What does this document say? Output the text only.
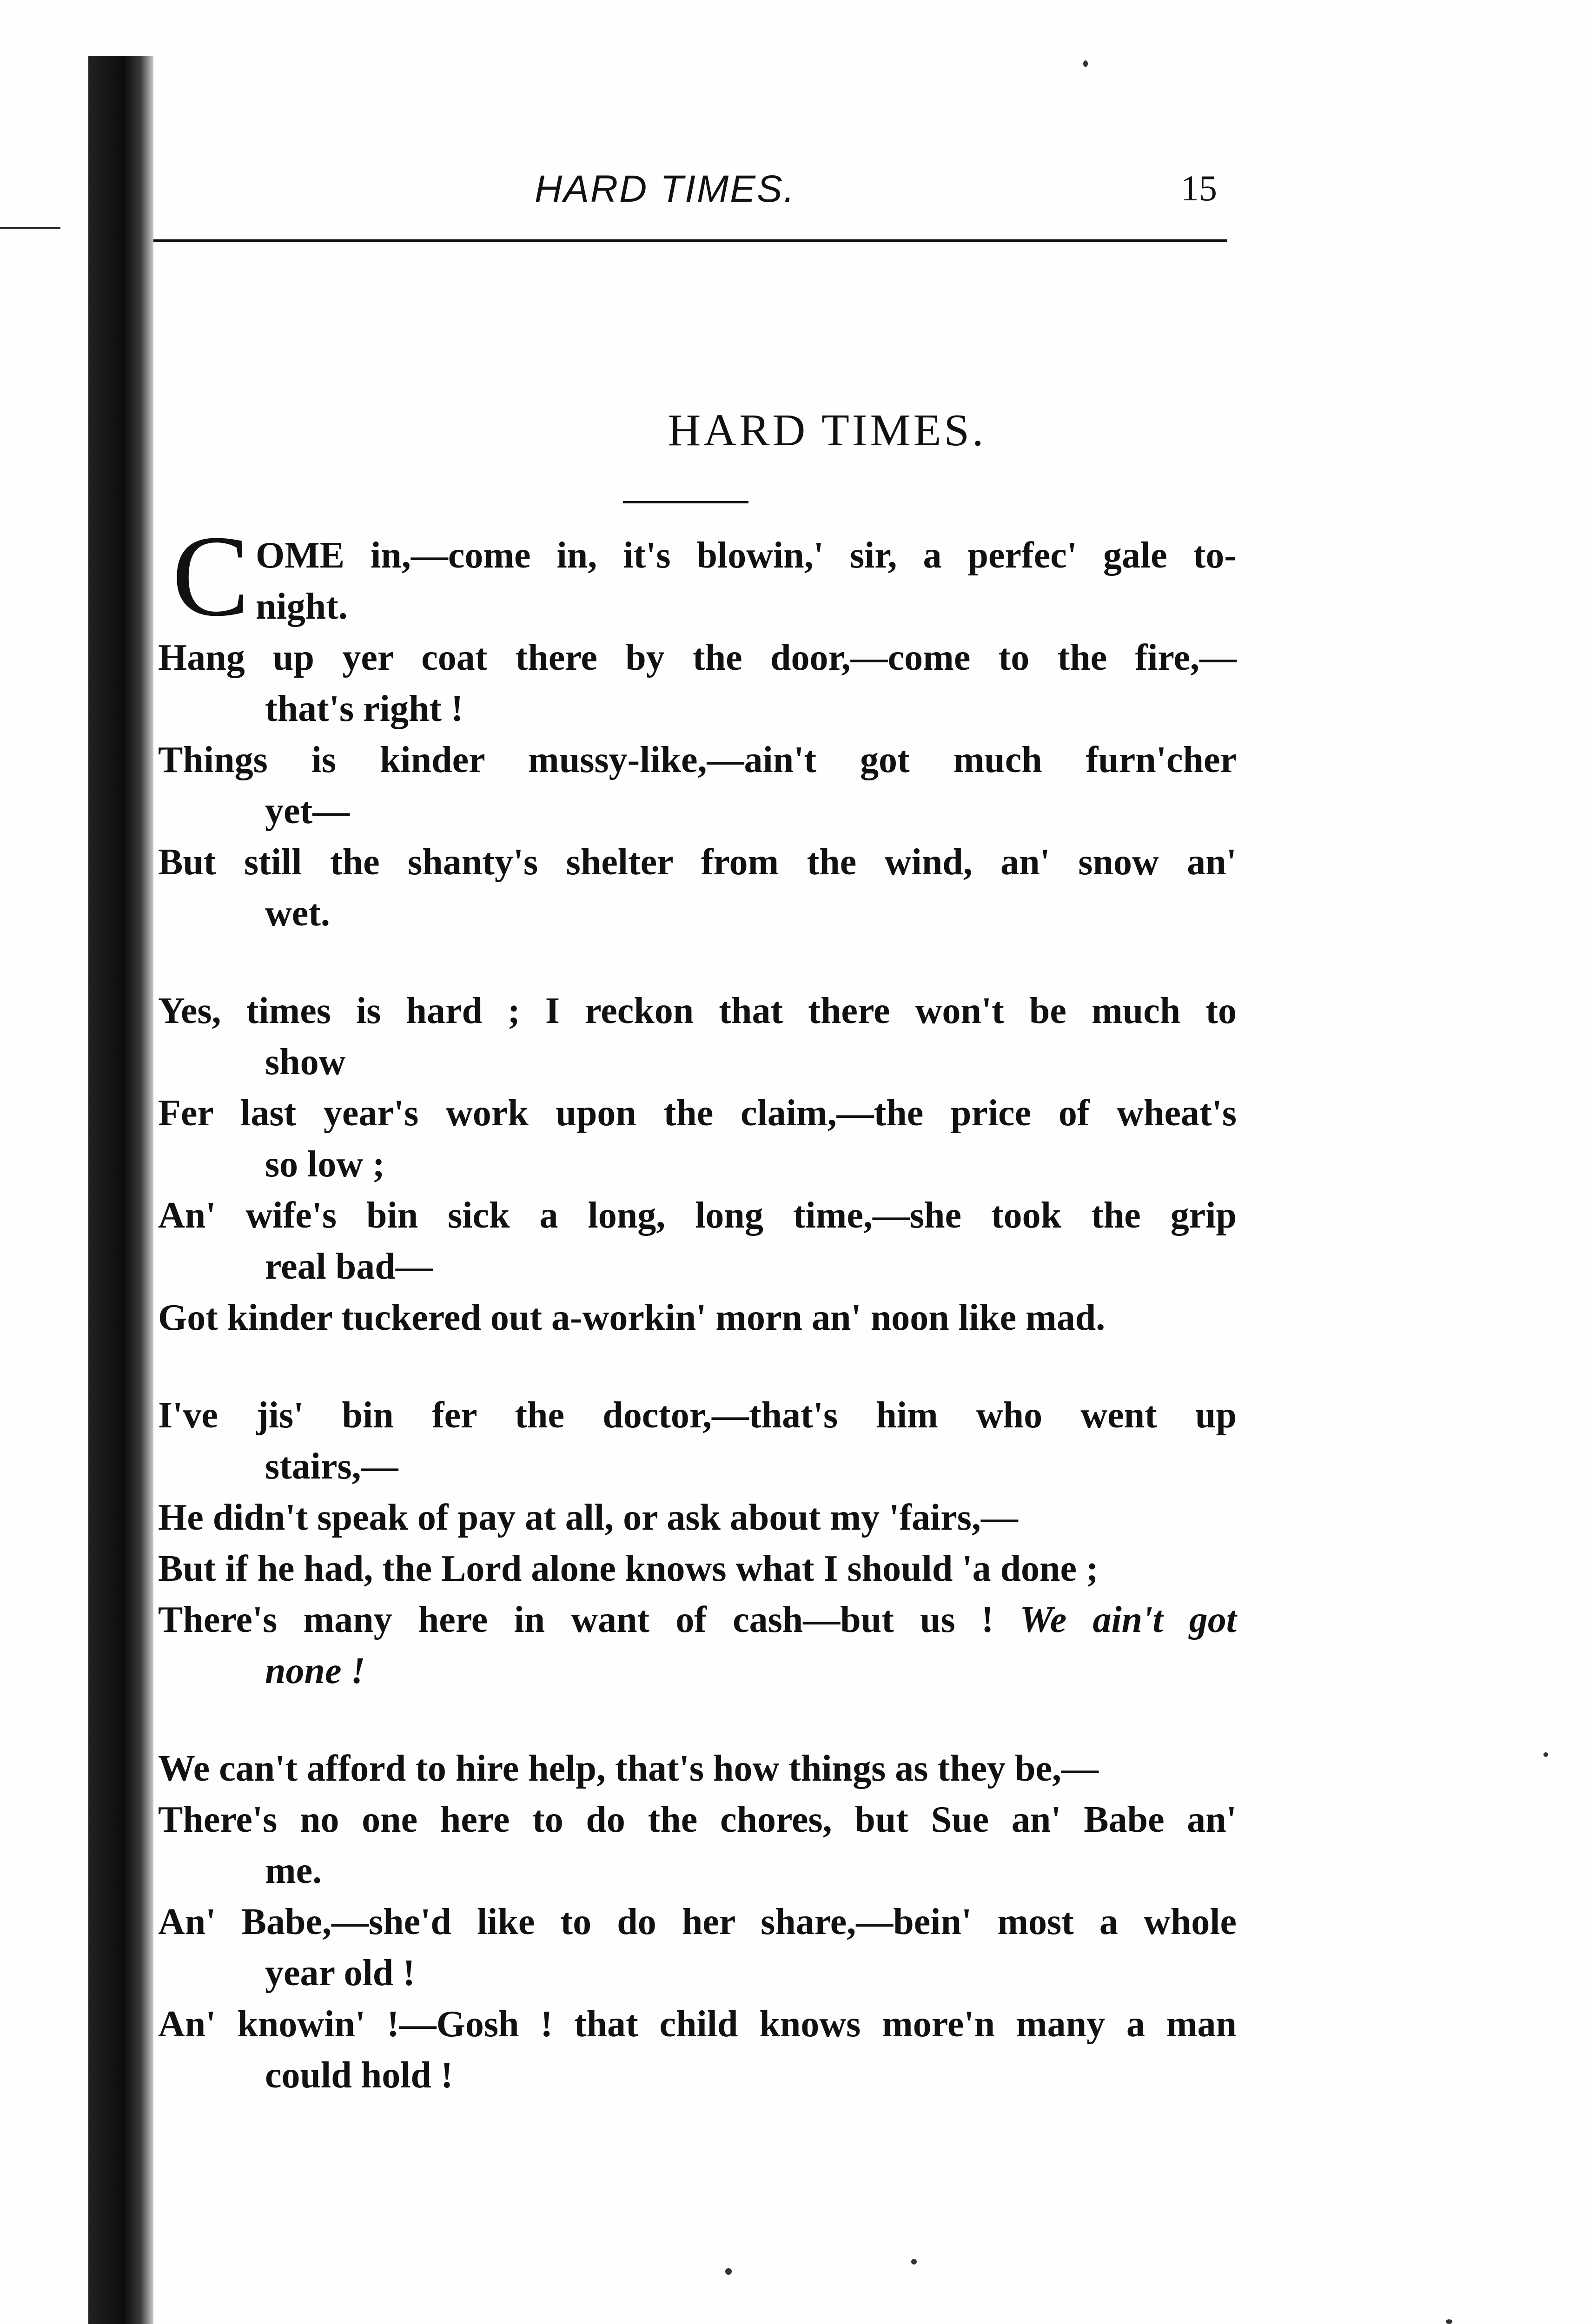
HARD TIMES.	15
HARD TIMES.
C OME in,—come in, it's blowin,' sir, a perfec' gale to-
night.
Hang up yer coat there by the door,—come to the fire,—
that's right !
Things is kinder mussy-like,—ain't got much furn'cher
yet—
But still the shanty's shelter from the wind, an' snow an'
wet.
Yes, times is hard ; I reckon that there won't be much to
show
Fer last year's work upon the claim,—the price of wheat's
so low ;
An' wife's bin sick a long, long time,—she took the grip
real bad—
Got kinder tuckered out a-workin' morn an' noon like mad.
I've jis' bin fer the doctor,—that's him who went up
stairs,—
He didn't speak of pay at all, or ask about my 'fairs,—
But if he had, the Lord alone knows what I should 'a done ;
There's many here in want of cash—but us ! We ain't got
none !
We can't afford to hire help, that's how things as they be,—
There's no one here to do the chores, but Sue an' Babe an'
me.
An' Babe,—she'd like to do her share,—bein' most a whole
year old !
An' knowin' !—Gosh ! that child knows more'n many a man
could hold !
